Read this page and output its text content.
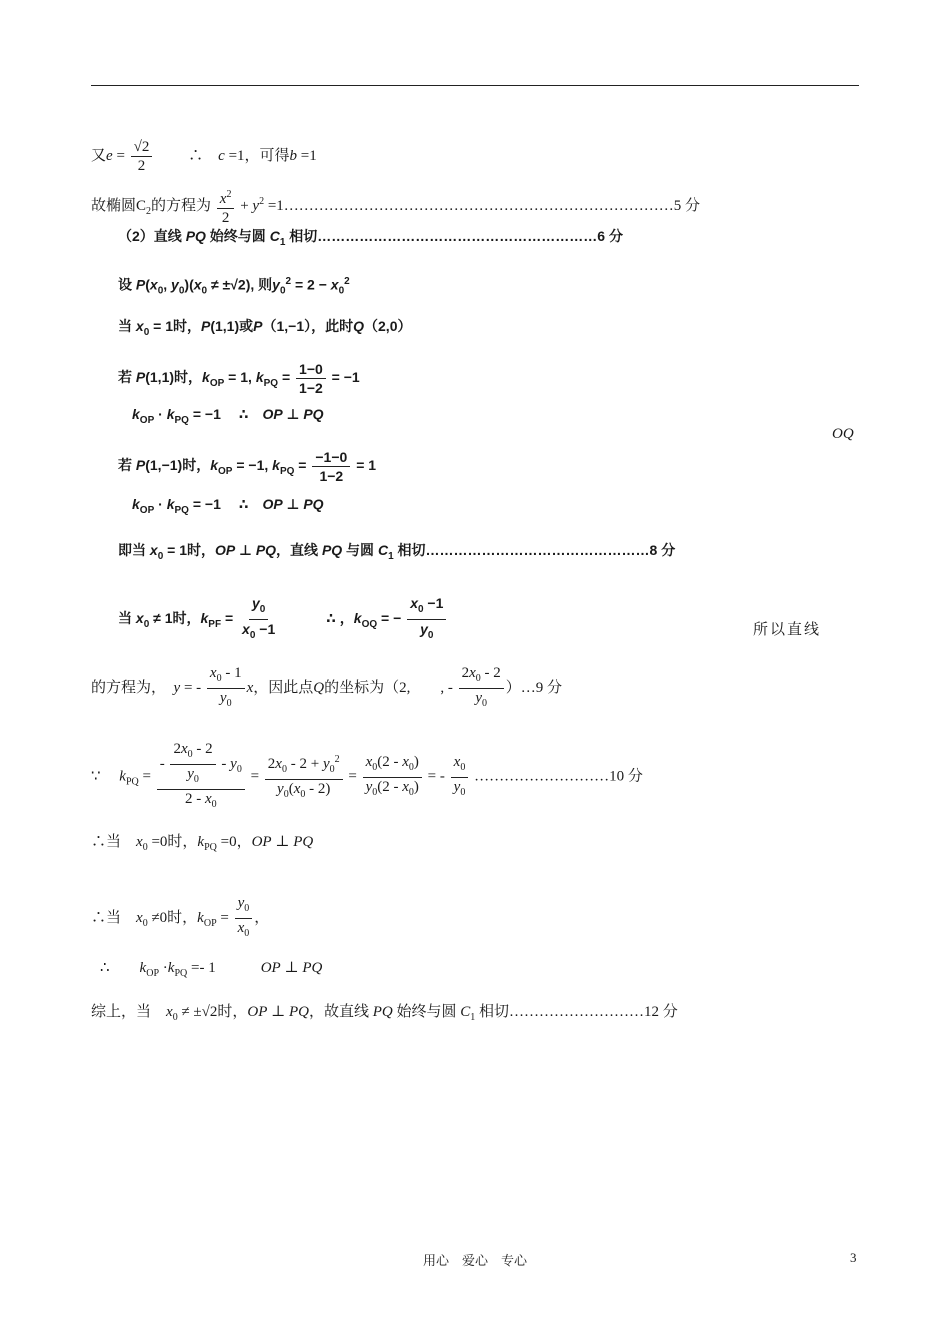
又$e = \frac{√2}{2}$ 　　∴　c =1，可得b =1
故椭圆$C_2$的方程为 $\frac{x^2}{2} + y^2$ =1……………………………………………………………………5 分
（2）直线 PQ 始终与圆 $C_1$ 相切……………………………………………………6 分
设 $P(x_0$, $y_0)(x_0 \ne \pm√2)$, 则$y_0^2 = 2 - x_0^2$
当 $x_0 = 1$时，P(1,1)或P（1,−1），此时Q（2,0）
若 P(1,1)时，$k_{OP} = 1$, $k_{PQ} = \frac{1-0}{1-2} = -1$
$k_{OP} \cdot k_{PQ} = -1$　 ∴　OP ⊥ PQ
OQ
若 P(1,−1)时，$k_{OP} = -1$, $k_{PQ} = \frac{-1-0}{1-2} = 1$
$k_{OP} \cdot k_{PQ} = -1$　 ∴　OP ⊥ PQ
即当 $x_0 = 1$时，OP ⊥ PQ，直线 PQ 与圆 $C_1$ 相切…………………………………………8 分
当 $x_0 \ne 1$时，$k_{PF} = \frac{y_0}{x_0 -1}$ 　　　∴ ，$k_{OQ}$ = − $\frac{x_0 -1}{y_0}$	所以直线
的方程为，　y = - $\frac{x_0 - 1}{y_0}$ x，因此点Q的坐标为（2,　　, - $\frac{2x_0 - 2}{y_0}$ ）…9 分
∵　 $k_{PQ} = \frac{- \frac{2x_0 - 2}{y_0} - y_0}{2 - x_0} = \frac{2x_0 - 2 + y_0^2}{y_0(x_0 - 2)} = \frac{x_0(2 - x_0)}{y_0(2 - x_0)}$ = - $\frac{x_0}{y_0}$ ………………………10 分
∴当　$x_0 =0$时，$k_{PQ} =0$，OP ⊥ PQ
∴当　$x_0 \ne 0$时，$k_{OP} = \frac{y_0}{x_0}$ ，
∴　　$k_{OP} \cdot k_{PQ} =- 1$　　　OP ⊥ PQ
综上，当　$x_0 \ne \pm√2$时，OP ⊥ PQ，故直线 PQ 始终与圆 $C_1$ 相切………………………12 分
用心　爱心　专心	3
